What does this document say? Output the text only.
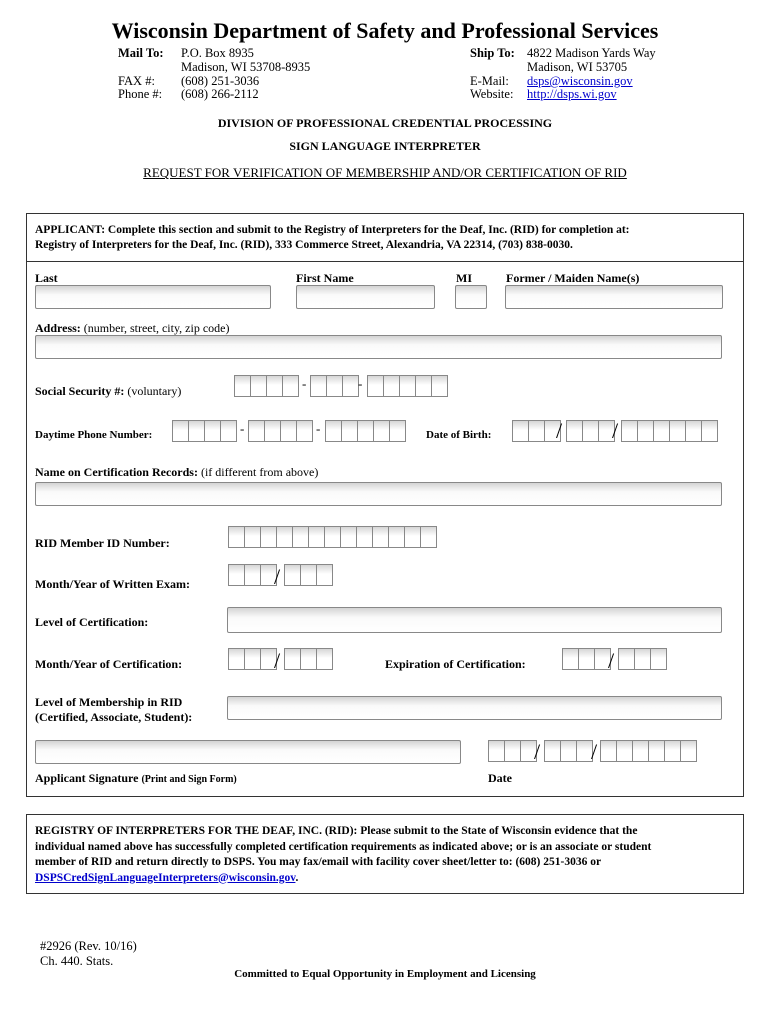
Wisconsin Department of Safety and Professional Services
Mail To: P.O. Box 8935
Madison, WI 53708-8935
FAX #: (608) 251-3036
Phone #: (608) 266-2112
Ship To: 4822 Madison Yards Way
Madison, WI 53705
E-Mail: dsps@wisconsin.gov
Website: http://dsps.wi.gov
DIVISION OF PROFESSIONAL CREDENTIAL PROCESSING
SIGN LANGUAGE INTERPRETER
REQUEST FOR VERIFICATION OF MEMBERSHIP AND/OR CERTIFICATION OF RID
APPLICANT: Complete this section and submit to the Registry of Interpreters for the Deaf, Inc. (RID) for completion at:
Registry of Interpreters for the Deaf, Inc. (RID), 333 Commerce Street, Alexandria, VA 22314, (703) 838-0030.
Last	First Name	MI	Former / Maiden Name(s)
Address: (number, street, city, zip code)
Social Security #: (voluntary)	-	-
Daytime Phone Number:	-	-	Date of Birth:	/ /
Name on Certification Records: (if different from above)
RID Member ID Number:
Month/Year of Written Exam:	/
Level of Certification:
Month/Year of Certification:	/	Expiration of Certification:	/
Level of Membership in RID
(Certified, Associate, Student):
/ /
Applicant Signature (Print and Sign Form)	Date
REGISTRY OF INTERPRETERS FOR THE DEAF, INC. (RID): Please submit to the State of Wisconsin evidence that the
individual named above has successfully completed certification requirements as indicated above; or is an associate or student
member of RID and return directly to DSPS. You may fax/email with facility cover sheet/letter to: (608) 251-3036 or
DSPSCredSignLanguageInterpreters@wisconsin.gov.
#2926 (Rev. 10/16)
Ch. 440. Stats.
Committed to Equal Opportunity in Employment and Licensing
